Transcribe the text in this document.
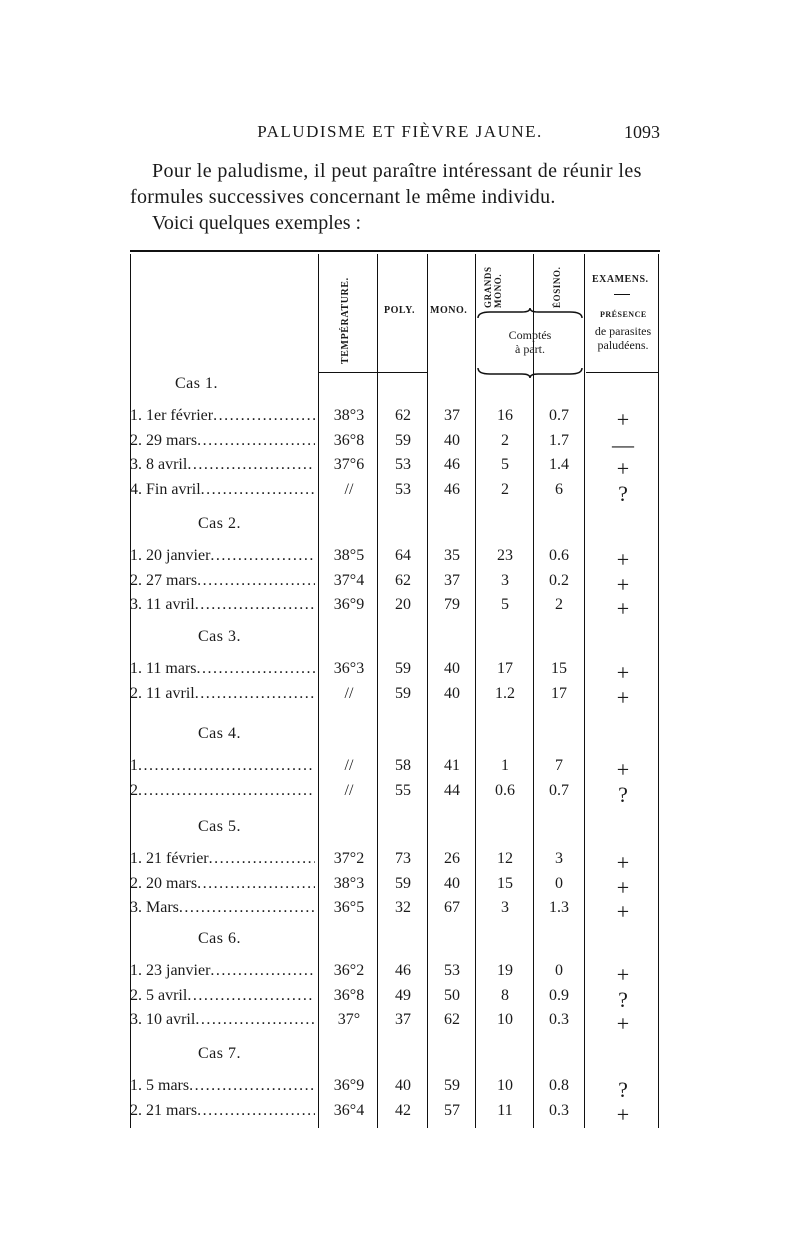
PALUDISME ET FIÈVRE JAUNE.	1093
Pour le paludisme, il peut paraître intéressant de réunir les
formules successives concernant le même individu.
Voici quelques exemples :
TEMPÉRATURE.	POLY. MONO.
GRANDS MONO.	ÉOSINO.	EXAMENS.
PRÉSENCE
de parasites
paludéens.
Comptés
à part.
Cas 1.
1. 1er février .....	38°3	62	37	16	0.7	+
2. 29 mars .....	36°8	59	40	2	1.7	—
3. 8 avril .....	37°6	53	46	5	1.4	+
4. Fin avril .....	//	53	46	2	6	?
Cas 2.
1. 20 janvier .....	38°5	64	35	23	0.6	+
2. 27 mars .....	37°4	62	37	3	0.2	+
3. 11 avril .....	36°9	20	79	5	2	+
Cas 3.
1. 11 mars .....	36°3	59	40	17	15	+
2. 11 avril .....	//	59	40	1.2	17	+
Cas 4.
1 .....	//	58	41	1	7	+
2 .....	//	55	44	0.6	0.7	?
Cas 5.
1. 21 février .....	37°2	73	26	12	3	+
2. 20 mars .....	38°3	59	40	15	0	+
3. Mars .....	36°5	32	67	3	1.3	+
Cas 6.
1. 23 janvier .....	36°2	46	53	19	0	+
2. 5 avril .....	36°8	49	50	8	0.9	?
3. 10 avril .....	37°	37	62	10	0.3	+
Cas 7.
1. 5 mars .....	36°9	40	59	10	0.8	?
2. 21 mars .....	36°4	42	57	11	0.3	+
